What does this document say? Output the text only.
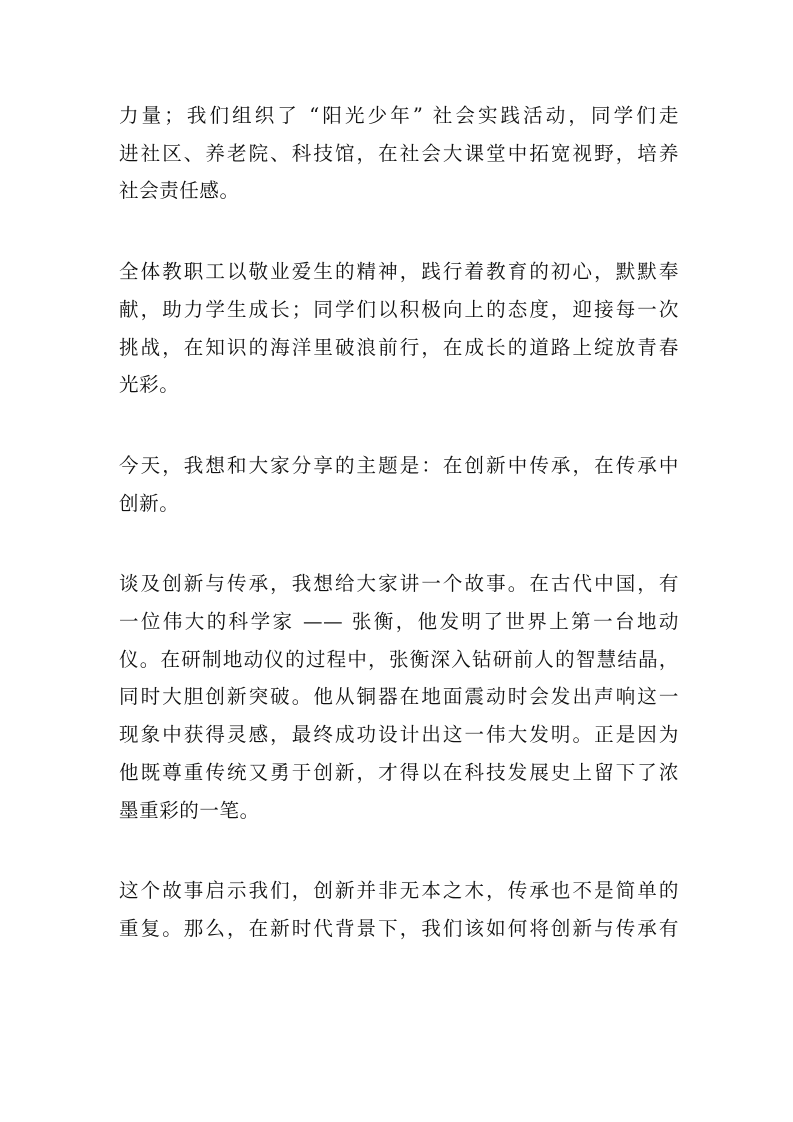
力量；我们组织了 “阳光少年” 社会实践活动，同学们走
进社区、养老院、科技馆，在社会大课堂中拓宽视野，培养
社会责任感。

全体教职工以敬业爱生的精神，践行着教育的初心，默默奉
献，助力学生成长；同学们以积极向上的态度，迎接每一次
挑战，在知识的海洋里破浪前行，在成长的道路上绽放青春
光彩。

今天，我想和大家分享的主题是：在创新中传承，在传承中
创新。

谈及创新与传承，我想给大家讲一个故事。在古代中国，有
一位伟大的科学家 —— 张衡，他发明了世界上第一台地动
仪。在研制地动仪的过程中，张衡深入钻研前人的智慧结晶，
同时大胆创新突破。他从铜器在地面震动时会发出声响这一
现象中获得灵感，最终成功设计出这一伟大发明。正是因为
他既尊重传统又勇于创新，才得以在科技发展史上留下了浓
墨重彩的一笔。

这个故事启示我们，创新并非无本之木，传承也不是简单的
重复。那么，在新时代背景下，我们该如何将创新与传承有
